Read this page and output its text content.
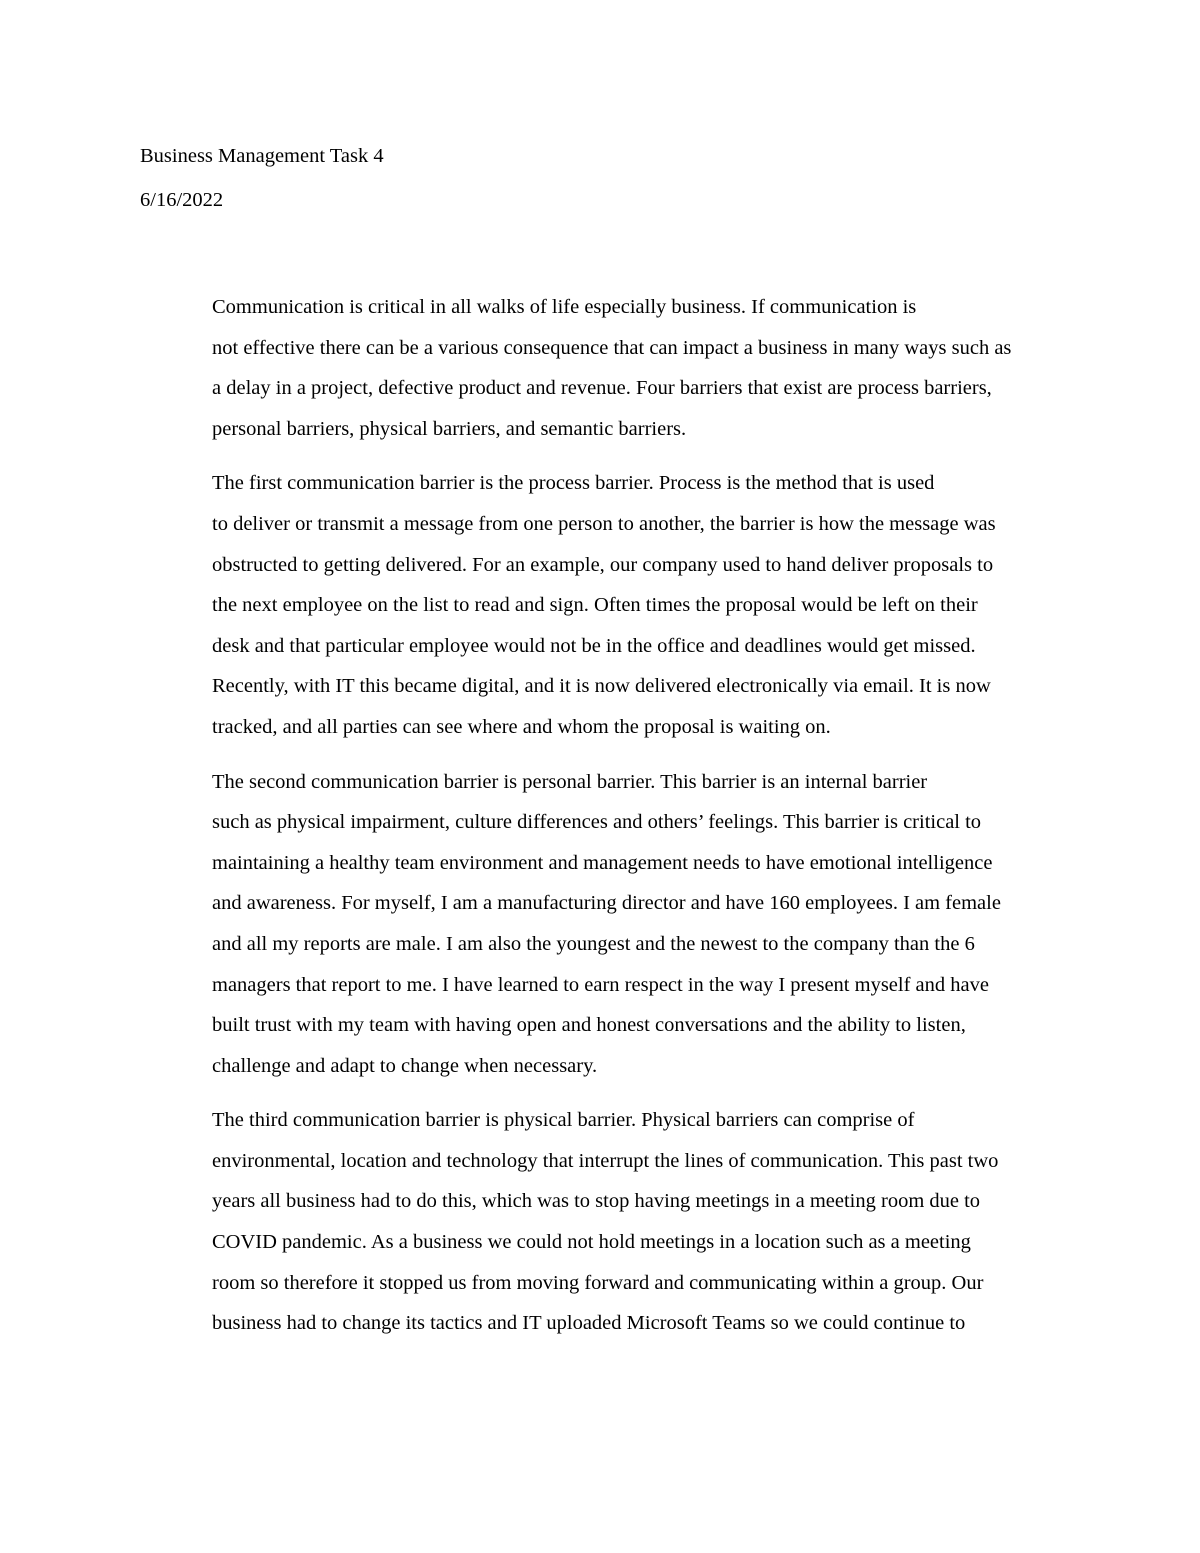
Business Management Task 4

6/16/2022

Communication is critical in all walks of life especially business. If communication is
not effective there can be a various consequence that can impact a business in many ways such as
a delay in a project, defective product and revenue. Four barriers that exist are process barriers,
personal barriers, physical barriers, and semantic barriers.

The first communication barrier is the process barrier. Process is the method that is used
to deliver or transmit a message from one person to another, the barrier is how the message was
obstructed to getting delivered. For an example, our company used to hand deliver proposals to
the next employee on the list to read and sign. Often times the proposal would be left on their
desk and that particular employee would not be in the office and deadlines would get missed.
Recently, with IT this became digital, and it is now delivered electronically via email. It is now
tracked, and all parties can see where and whom the proposal is waiting on.

The second communication barrier is personal barrier. This barrier is an internal barrier
such as physical impairment, culture differences and others’ feelings. This barrier is critical to
maintaining a healthy team environment and management needs to have emotional intelligence
and awareness. For myself, I am a manufacturing director and have 160 employees. I am female
and all my reports are male. I am also the youngest and the newest to the company than the 6
managers that report to me. I have learned to earn respect in the way I present myself and have
built trust with my team with having open and honest conversations and the ability to listen,
challenge and adapt to change when necessary.

The third communication barrier is physical barrier. Physical barriers can comprise of
environmental, location and technology that interrupt the lines of communication. This past two
years all business had to do this, which was to stop having meetings in a meeting room due to
COVID pandemic. As a business we could not hold meetings in a location such as a meeting
room so therefore it stopped us from moving forward and communicating within a group. Our
business had to change its tactics and IT uploaded Microsoft Teams so we could continue to
